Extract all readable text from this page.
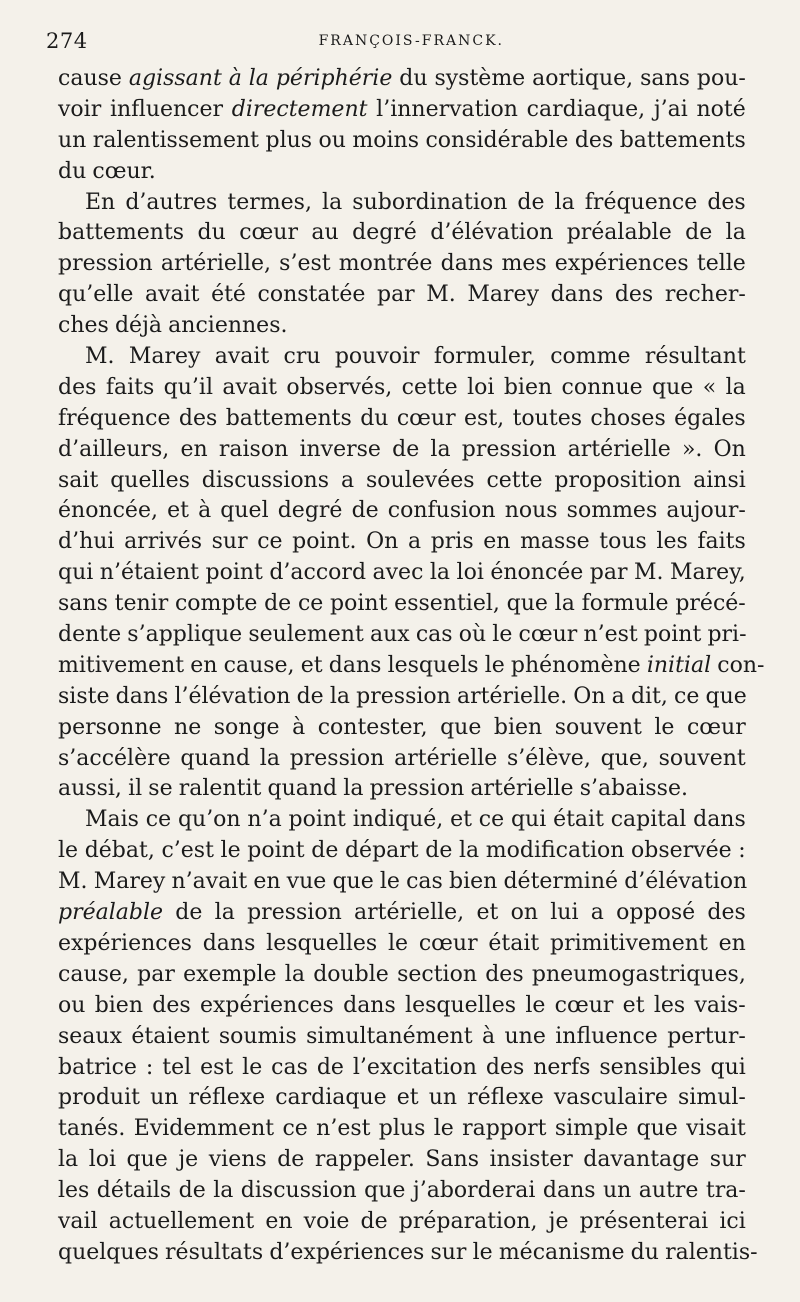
274	FRANÇOIS-FRANCK.
cause agissant à la périphérie du système aortique, sans pou-
voir influencer directement l’innervation cardiaque, j’ai noté
un ralentissement plus ou moins considérable des battements
du cœur.
En d’autres termes, la subordination de la fréquence des
battements du cœur au degré d’élévation préalable de la
pression artérielle, s’est montrée dans mes expériences telle
qu’elle avait été constatée par M. Marey dans des recher-
ches déjà anciennes.
M. Marey avait cru pouvoir formuler, comme résultant
des faits qu’il avait observés, cette loi bien connue que « la
fréquence des battements du cœur est, toutes choses égales
d’ailleurs, en raison inverse de la pression artérielle ». On
sait quelles discussions a soulevées cette proposition ainsi
énoncée, et à quel degré de confusion nous sommes aujour-
d’hui arrivés sur ce point. On a pris en masse tous les faits
qui n’étaient point d’accord avec la loi énoncée par M. Marey,
sans tenir compte de ce point essentiel, que la formule précé-
dente s’applique seulement aux cas où le cœur n’est point pri-
mitivement en cause, et dans lesquels le phénomène initial con-
siste dans l’élévation de la pression artérielle. On a dit, ce que
personne ne songe à contester, que bien souvent le cœur
s’accélère quand la pression artérielle s’élève, que, souvent
aussi, il se ralentit quand la pression artérielle s’abaisse.
Mais ce qu’on n’a point indiqué, et ce qui était capital dans
le débat, c’est le point de départ de la modification observée :
M. Marey n’avait en vue que le cas bien déterminé d’élévation
préalable de la pression artérielle, et on lui a opposé des
expériences dans lesquelles le cœur était primitivement en
cause, par exemple la double section des pneumogastriques,
ou bien des expériences dans lesquelles le cœur et les vais-
seaux étaient soumis simultanément à une influence pertur-
batrice : tel est le cas de l’excitation des nerfs sensibles qui
produit un réflexe cardiaque et un réflexe vasculaire simul-
tanés. Evidemment ce n’est plus le rapport simple que visait
la loi que je viens de rappeler. Sans insister davantage sur
les détails de la discussion que j’aborderai dans un autre tra-
vail actuellement en voie de préparation, je présenterai ici
quelques résultats d’expériences sur le mécanisme du ralentis-
